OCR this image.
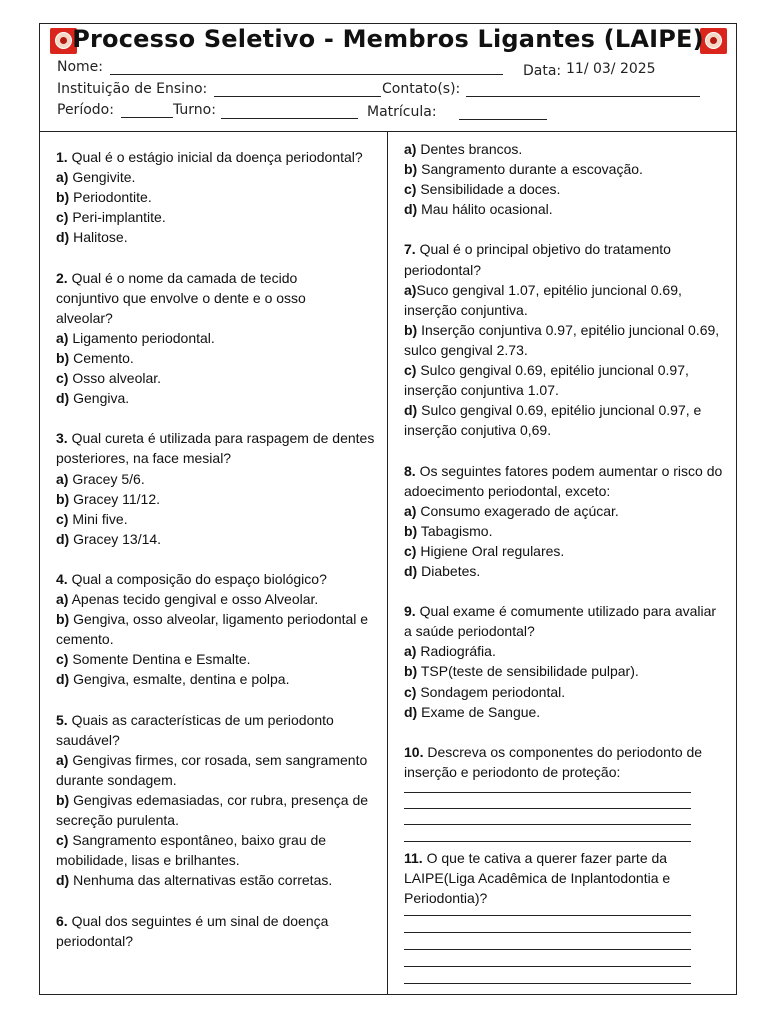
Processo Seletivo - Membros Ligantes (LAIPE)
Nome:	Data: 11/ 03/ 2025
Instituição de Ensino:	Contato(s):
Período:	Turno:	Matrícula:

1. Qual é o estágio inicial da doença periodontal?

a) Gengivite.

b) Periodontite.

c) Peri-implantite.

d) Halitose.

2. Qual é o nome da camada de tecido conjuntivo que envolve o dente e o osso alveolar?

a) Ligamento periodontal.

b) Cemento.

c) Osso alveolar.

d) Gengiva.

3. Qual cureta é utilizada para raspagem de dentes posteriores, na face mesial?

a) Gracey 5/6.

b) Gracey 11/12.

c) Mini five.

d) Gracey 13/14.

4. Qual a composição do espaço biológico?

a) Apenas tecido gengival e osso Alveolar.

b) Gengiva, osso alveolar, ligamento periodontal e cemento.

c) Somente Dentina e Esmalte.

d) Gengiva, esmalte, dentina e polpa.

5. Quais as características de um periodonto saudável?

a) Gengivas firmes, cor rosada, sem sangramento durante sondagem.

b) Gengivas edemasiadas, cor rubra, presença de secreção purulenta.

c) Sangramento espontâneo, baixo grau de mobilidade, lisas e brilhantes.

d) Nenhuma das alternativas estão corretas.

6. Qual dos seguintes é um sinal de doença periodontal?

a) Dentes brancos.

b) Sangramento durante a escovação.

c) Sensibilidade a doces.

d) Mau hálito ocasional.

7. Qual é o principal objetivo do tratamento periodontal?

a)Suco gengival 1.07, epitélio juncional 0.69, inserção conjuntiva.

b) Inserção conjuntiva 0.97, epitélio juncional 0.69, sulco gengival 2.73.

c) Sulco gengival 0.69, epitélio juncional 0.97, inserção conjuntiva 1.07.

d) Sulco gengival 0.69, epitélio juncional 0.97, e inserção conjutiva 0,69.

8. Os seguintes fatores podem aumentar o risco do adoecimento periodontal, exceto:

a) Consumo exagerado de açúcar.

b) Tabagismo.

c) Higiene Oral regulares.

d) Diabetes.

9. Qual exame é comumente utilizado para avaliar a saúde periodontal?

a) Radiográfia.

b) TSP(teste de sensibilidade pulpar).

c) Sondagem periodontal.

d) Exame de Sangue.

10. Descreva os componentes do periodonto de inserção e periodonto de proteção:

11. O que te cativa a querer fazer parte da LAIPE(Liga Acadêmica de Inplantodontia e Periodontia)?
